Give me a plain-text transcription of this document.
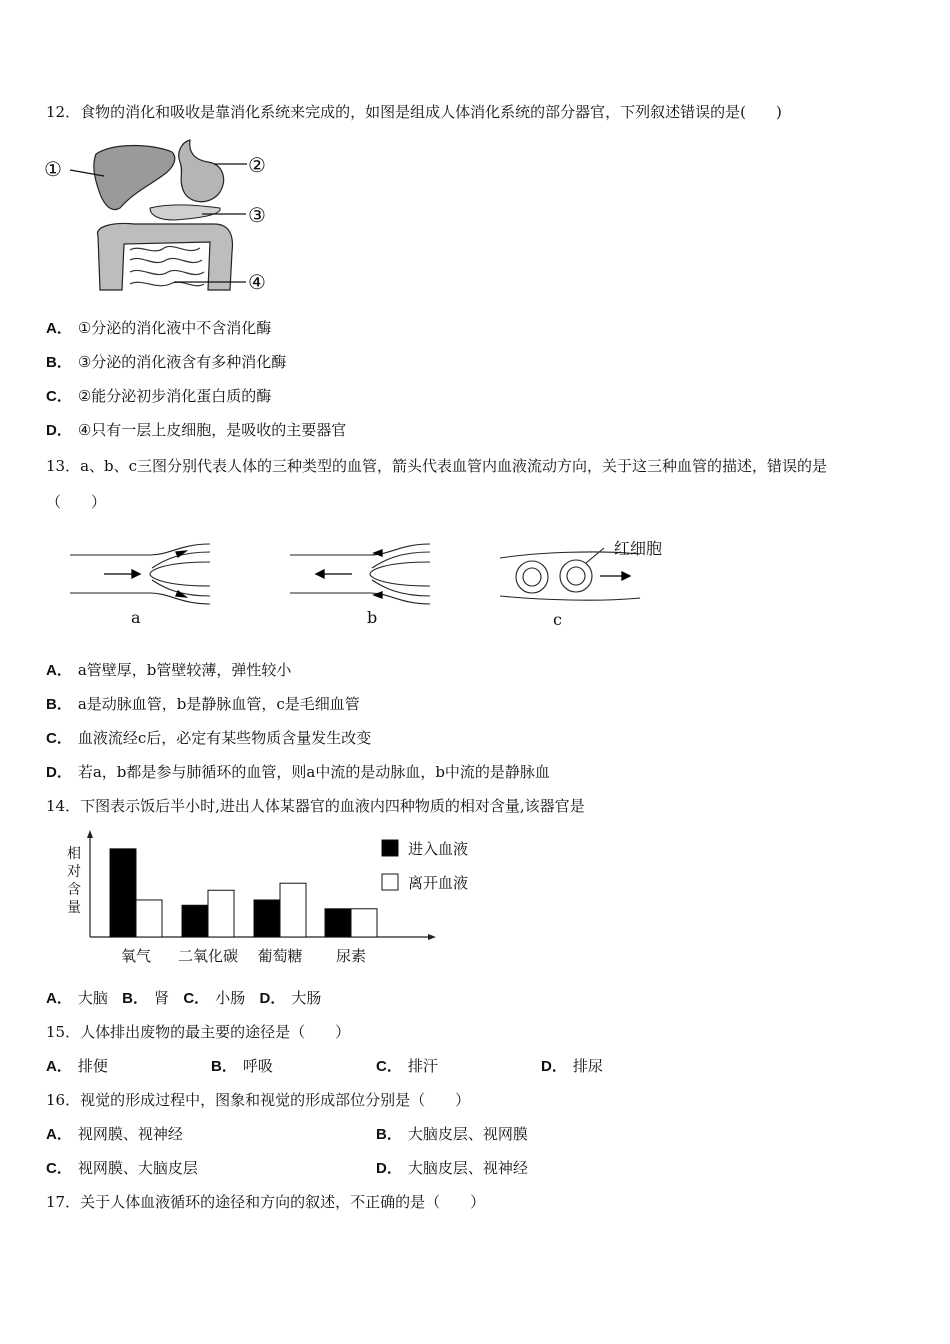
12．食物的消化和吸收是靠消化系统来完成的，如图是组成人体消化系统的部分器官，下列叙述错误的是(　　)
①	②
③
④
A． ①分泌的消化液中不含消化酶
B． ③分泌的消化液含有多种消化酶
C． ②能分泌初步消化蛋白质的酶
D． ④只有一层上皮细胞，是吸收的主要器官
13．a、b、c三图分别代表人体的三种类型的血管，箭头代表血管内血液流动方向，关于这三种血管的描述，错误的是
（　　）
红细胞
a	b	c
A． a管壁厚，b管壁较薄，弹性较小
B． a是动脉血管，b是静脉血管，c是毛细血管
C． 血液流经c后，必定有某些物质含量发生改变
D． 若a，b都是参与肺循环的血管，则a中流的是动脉血，b中流的是静脉血
14．下图表示饭后半小时,进出人体某器官的血液内四种物质的相对含量,该器官是
相
对
含
量
氧气 二氧化碳 葡萄糖 尿素
进入血液
离开血液
A． 大脑 B． 肾 C． 小肠 D． 大肠
15．人体排出废物的最主要的途径是（　　）
A． 排便	B． 呼吸	C． 排汗	D． 排尿
16．视觉的形成过程中，图象和视觉的形成部位分别是（　　）
A． 视网膜、视神经	B． 大脑皮层、视网膜
C． 视网膜、大脑皮层	D． 大脑皮层、视神经
17．关于人体血液循环的途径和方向的叙述，不正确的是（　　）
